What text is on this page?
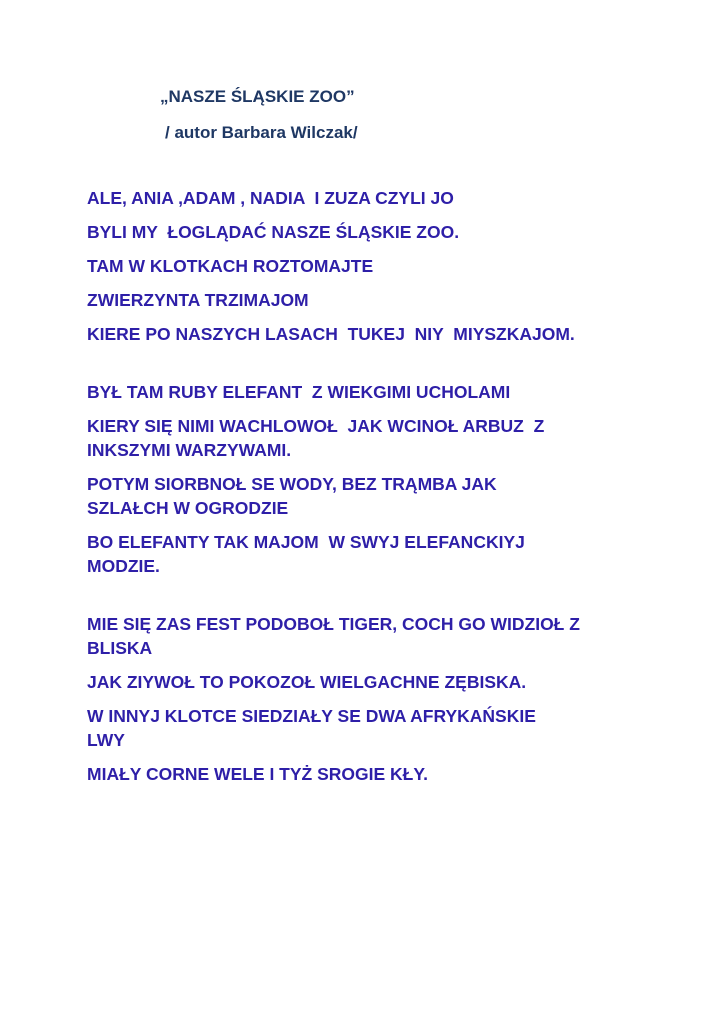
„NASZE ŚLĄSKIE ZOO”
/ autor Barbara Wilczak/
ALE, ANIA ,ADAM , NADIA  I ZUZA CZYLI JO
BYLI MY  ŁOGLĄDAĆ NASZE ŚLĄSKIE ZOO.
TAM W KLOTKACH ROZTOMAJTE
ZWIERZYNTA TRZIMAJOM
KIERE PO NASZYCH LASACH  TUKEJ  NIY  MIYSZKAJOM.
BYŁ TAM RUBY ELEFANT  Z WIEKGIMI UCHOLAMI
KIERY SIĘ NIMI WACHLOWOŁ  JAK WCINOŁ ARBUZ  Z
INKSZYMI WARZYWAMI.
POTYM SIORBNOŁ SE WODY, BEZ TRĄMBA JAK
SZLAŁCH W OGRODZIE
BO ELEFANTY TAK MAJOM  W SWYJ ELEFANCKIYJ
MODZIE.
MIE SIĘ ZAS FEST PODOBOŁ TIGER, COCH GO WIDZIOŁ Z
BLISKA
JAK ZIYWOŁ TO POKOZOŁ WIELGACHNE ZĘBISKA.
W INNYJ KLOTCE SIEDZIAŁY SE DWA AFRYKAŃSKIE
LWY
MIAŁY CORNE WELE I TYŻ SROGIE KŁY.
